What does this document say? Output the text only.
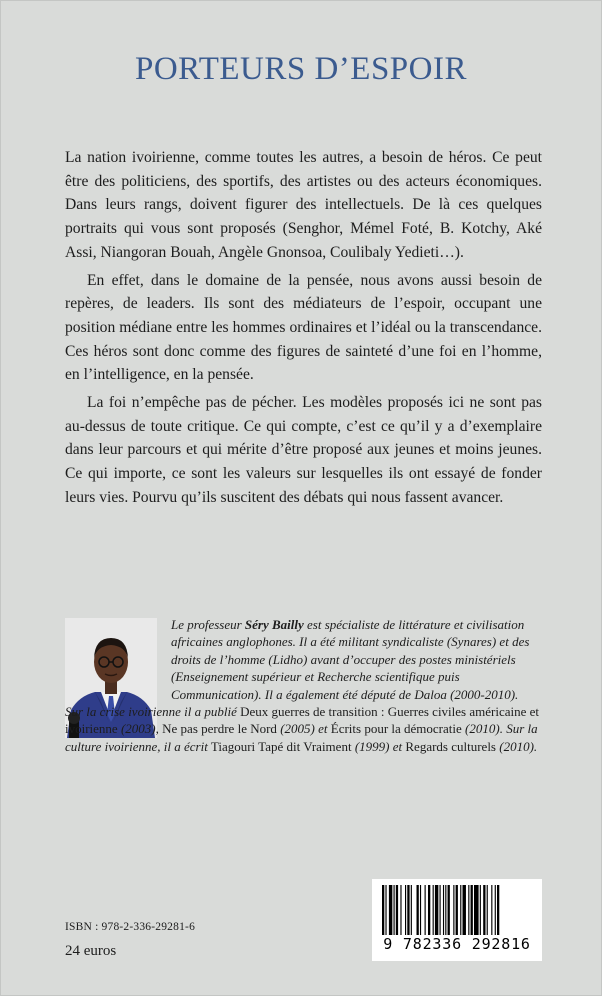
PORTEURS D’ESPOIR

La nation ivoirienne, comme toutes les autres, a besoin de héros. Ce peut être des politiciens, des sportifs, des artistes ou des acteurs économiques. Dans leurs rangs, doivent figurer des intellectuels. De là ces quelques portraits qui vous sont proposés (Senghor, Mémel Foté, B. Kotchy, Aké Assi, Niangoran Bouah, Angèle Gnonsoa, Coulibaly Yedieti…).

En effet, dans le domaine de la pensée, nous avons aussi besoin de repères, de leaders. Ils sont des médiateurs de l’espoir, occupant une position médiane entre les hommes ordinaires et l’idéal ou la transcendance. Ces héros sont donc comme des figures de sainteté d’une foi en l’homme, en l’intelligence, en la pensée.

La foi n’empêche pas de pécher. Les modèles proposés ici ne sont pas au-dessus de toute critique. Ce qui compte, c’est ce qu’il y a d’exemplaire dans leur parcours et qui mérite d’être proposé aux jeunes et moins jeunes. Ce qui importe, ce sont les valeurs sur lesquelles ils ont essayé de fonder leurs vies. Pourvu qu’ils suscitent des débats qui nous fassent avancer.

Le professeur Séry Bailly est spécialiste de littérature et civilisation africaines anglophones. Il a été militant syndicaliste (Synares) et des droits de l’homme (Lidho) avant d’occuper des postes ministériels (Enseignement supérieur et Recherche scientifique puis Communication). Il a également été député de Daloa (2000-2010).

Sur la crise ivoirienne il a publié Deux guerres de transition : Guerres civiles américaine et ivoirienne (2003), Ne pas perdre le Nord (2005) et Écrits pour la démocratie (2010). Sur la culture ivoirienne, il a écrit Tiagouri Tapé dit Vraiment (1999) et Regards culturels (2010).

ISBN : 978-2-336-29281-6
24 euros	9 782336 292816
